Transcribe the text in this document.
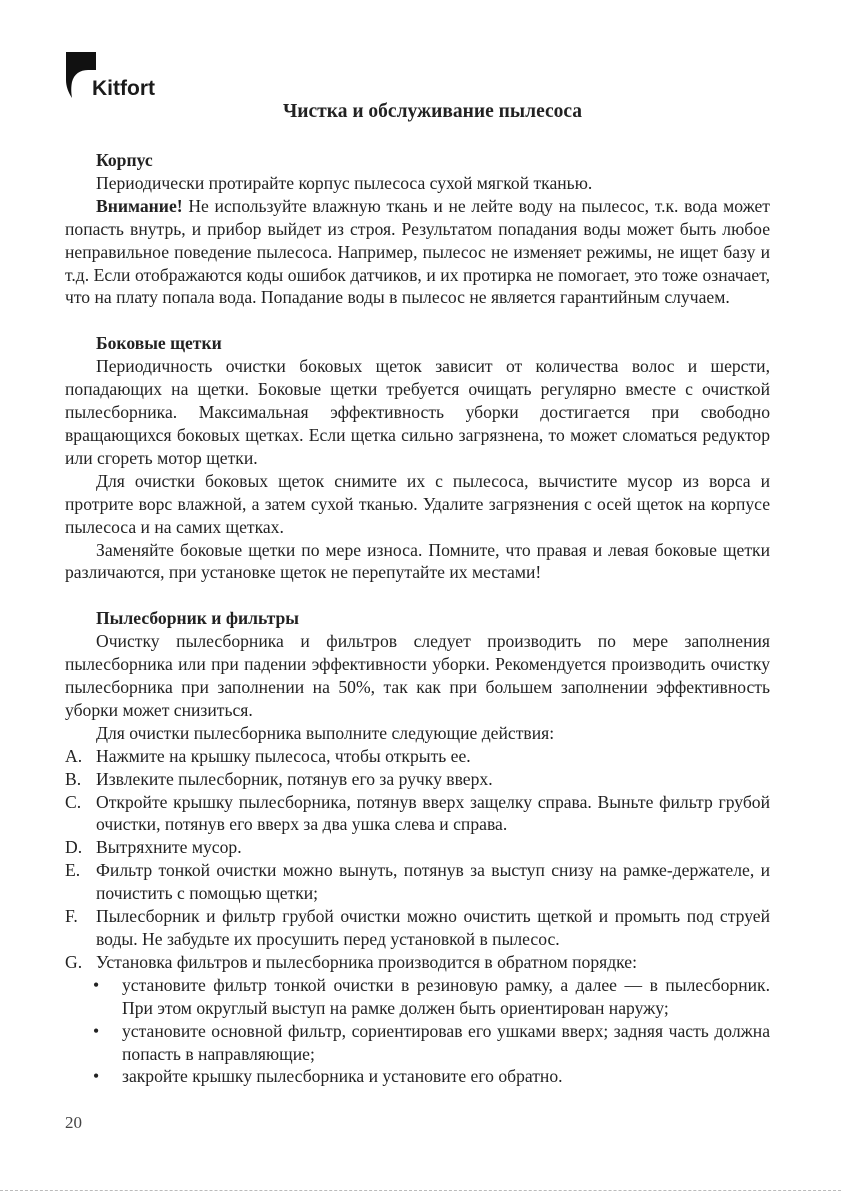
Kitfort
Чистка и обслуживание пылесоса

Корпус

Периодически протирайте корпус пылесоса сухой мягкой тканью.

Внимание! Не используйте влажную ткань и не лейте воду на пылесос, т.к. вода может попасть внутрь, и прибор выйдет из строя. Результатом попадания воды может быть любое неправильное поведение пылесоса. Например, пылесос не изменяет режимы, не ищет базу и т.д. Если отображаются коды ошибок датчиков, и их протирка не помогает, это тоже означает, что на плату попала вода. Попадание воды в пылесос не является гарантийным случаем.

Боковые щетки

Периодичность очистки боковых щеток зависит от количества волос и шерсти, попадающих на щетки. Боковые щетки требуется очищать регулярно вместе с очисткой пылесборника. Максимальная эффективность уборки достигается при свободно вращающихся боковых щетках. Если щетка сильно загрязнена, то может сломаться редуктор или сгореть мотор щетки.

Для очистки боковых щеток снимите их с пылесоса, вычистите мусор из ворса и протрите ворс влажной, а затем сухой тканью. Удалите загрязнения с осей щеток на корпусе пылесоса и на самих щетках.

Заменяйте боковые щетки по мере износа. Помните, что правая и левая боковые щетки различаются, при установке щеток не перепутайте их местами!

Пылесборник и фильтры

Очистку пылесборника и фильтров следует производить по мере заполнения пылесборника или при падении эффективности уборки. Рекомендуется производить очистку пылесборника при заполнении на 50%, так как при большем заполнении эффективность уборки может снизиться.

Для очистки пылесборника выполните следующие действия:

A. Нажмите на крышку пылесоса, чтобы открыть ее.
B. Извлеките пылесборник, потянув его за ручку вверх.
C. Откройте крышку пылесборника, потянув вверх защелку справа. Выньте фильтр грубой очистки, потянув его вверх за два ушка слева и справа.
D. Вытряхните мусор.
E. Фильтр тонкой очистки можно вынуть, потянув за выступ снизу на рамке-держателе, и почистить с помощью щетки;
F. Пылесборник и фильтр грубой очистки можно очистить щеткой и промыть под струей воды. Не забудьте их просушить перед установкой в пылесос.
G. Установка фильтров и пылесборника производится в обратном порядке:
• установите фильтр тонкой очистки в резиновую рамку, а далее — в пылесборник. При этом округлый выступ на рамке должен быть ориентирован наружу;
• установите основной фильтр, сориентировав его ушками вверх; задняя часть должна попасть в направляющие;
• закройте крышку пылесборника и установите его обратно.
20
